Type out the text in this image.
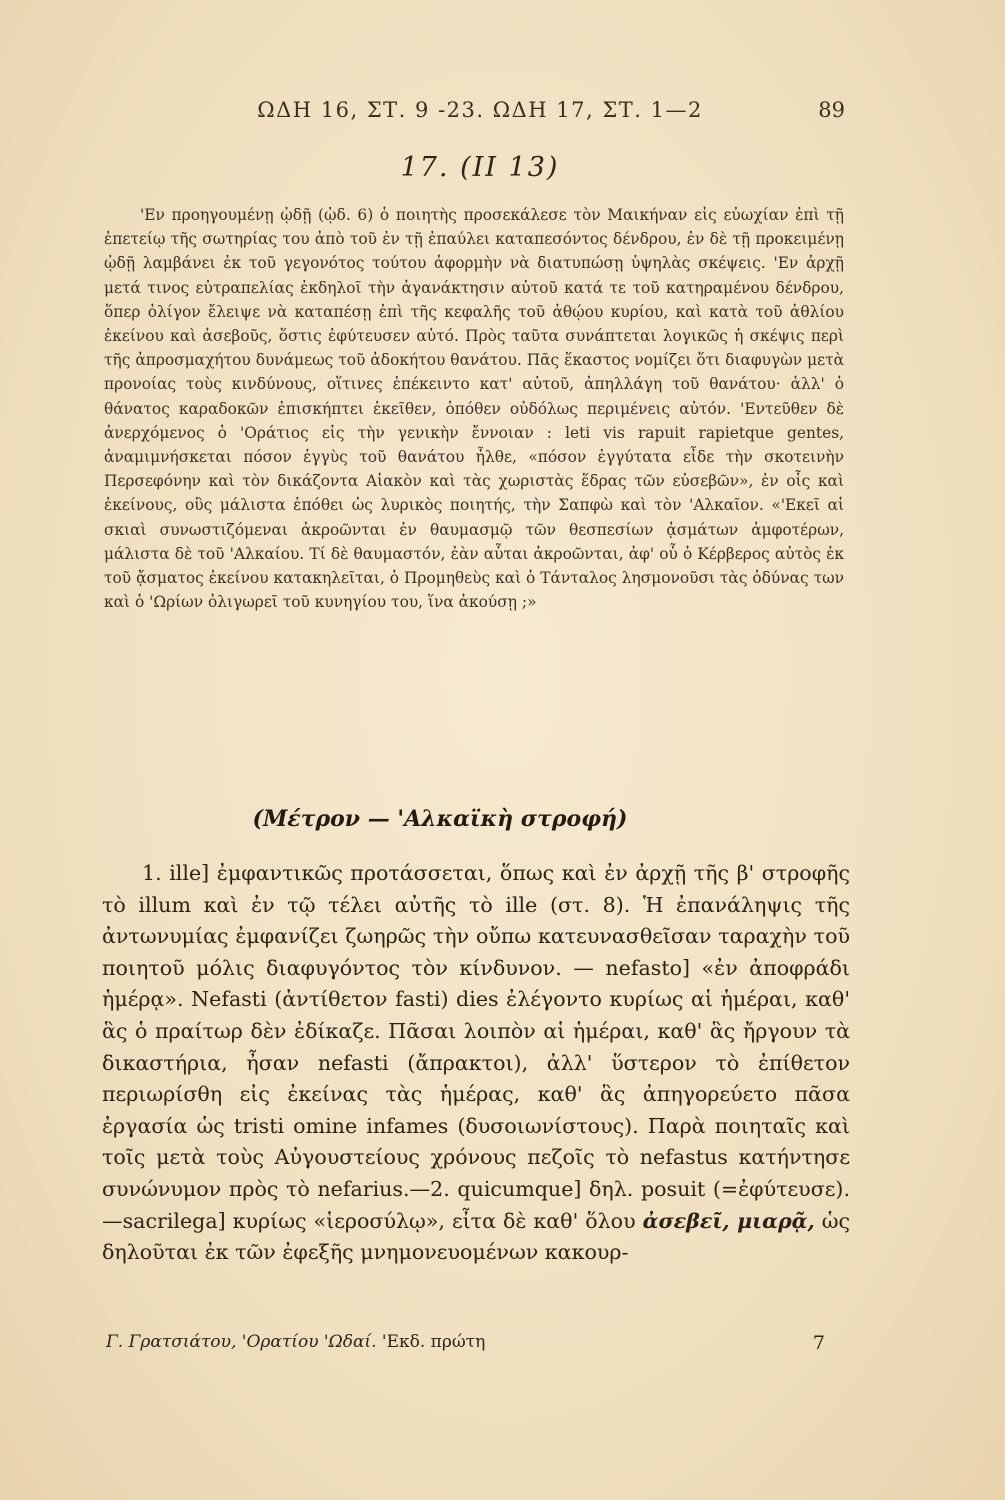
ΩΔΗ 16, ΣΤ. 9 -23. ΩΔΗ 17, ΣΤ. 1—2	89
17. (II 13)

'Εν προηγουμένῃ ᾠδῇ (ᾠδ. 6) ὁ ποιητὴς προσεκάλεσε τὸν Μαικήναν εἰς εὐωχίαν ἐπὶ τῇ ἐπετείῳ τῆς σωτηρίας του ἀπὸ τοῦ ἐν τῇ ἐπαύλει καταπεσόντος δένδρου, ἐν δὲ τῇ προκειμένῃ ᾠδῇ λαμβάνει ἐκ τοῦ γεγονότος τούτου ἀφορμὴν νὰ διατυπώσῃ ὑψηλὰς σκέψεις. 'Εν ἀρχῇ μετά τινος εὐτραπελίας ἐκδηλοῖ τὴν ἀγανάκτησιν αὐτοῦ κατά τε τοῦ κατηραμένου δένδρου, ὅπερ ὀλίγον ἔλειψε νὰ καταπέσῃ ἐπὶ τῆς κεφαλῆς τοῦ ἀθῴου κυρίου, καὶ κατὰ τοῦ ἀθλίου ἐκείνου καὶ ἀσεβοῦς, ὅστις ἐφύτευσεν αὐτό. Πρὸς ταῦτα συνάπτεται λογικῶς ἡ σκέψις περὶ τῆς ἀπροσμαχήτου δυνάμεως τοῦ ἀδοκήτου θανάτου. Πᾶς ἕκαστος νομίζει ὅτι διαφυγὼν μετὰ προνοίας τοὺς κινδύνους, οἵτινες ἐπέκειντο κατ' αὐτοῦ, ἀπηλλάγη τοῦ θανάτου· ἀλλ' ὁ θάνατος καραδοκῶν ἐπισκήπτει ἐκεῖθεν, ὁπόθεν οὐδόλως περιμένεις αὐτόν. 'Εντεῦθεν δὲ ἀνερχόμενος ὁ 'Οράτιος εἰς τὴν γενικὴν ἔννοιαν : leti vis rapuit rapietque gentes, ἀναμιμνήσκεται πόσον ἐγγὺς τοῦ θανάτου ἦλθε, «πόσον ἐγγύτατα εἶδε τὴν σκοτεινὴν Περσεφόνην καὶ τὸν δικάζοντα Αἰακὸν καὶ τὰς χωριστὰς ἕδρας τῶν εὐσεβῶν», ἐν οἷς καὶ ἐκείνους, οὓς μάλιστα ἐπόθει ὡς λυρικὸς ποιητής, τὴν Σαπφὼ καὶ τὸν 'Αλκαῖον. «'Εκεῖ αἱ σκιαὶ συνωστιζόμεναι ἀκροῶνται ἐν θαυμασμῷ τῶν θεσπεσίων ᾀσμάτων ἀμφοτέρων, μάλιστα δὲ τοῦ 'Αλκαίου. Τί δὲ θαυμαστόν, ἐὰν αὗται ἀκροῶνται, ἀφ' οὗ ὁ Κέρβερος αὐτὸς ἐκ τοῦ ᾄσματος ἐκείνου κατακηλεῖται, ὁ Προμηθεὺς καὶ ὁ Τάνταλος λησμονοῦσι τὰς ὀδύνας των καὶ ὁ 'Ωρίων ὀλιγωρεῖ τοῦ κυνηγίου του, ἵνα ἀκούσῃ ;»

(Μέτρον — 'Αλκαϊκὴ στροφή)

1. ille] ἐμφαντικῶς προτάσσεται, ὅπως καὶ ἐν ἀρχῇ τῆς β' στροφῆς τὸ illum καὶ ἐν τῷ τέλει αὐτῆς τὸ ille (στ. 8). Ἡ ἐπανάληψις τῆς ἀντωνυμίας ἐμφανίζει ζωηρῶς τὴν οὔπω κατευνασθεῖσαν ταραχὴν τοῦ ποιητοῦ μόλις διαφυγόντος τὸν κίνδυνον. — nefasto] «ἐν ἀποφράδι ἡμέρᾳ». Nefasti (ἀντίθετον fasti) dies ἐλέγοντο κυρίως αἱ ἡμέραι, καθ' ἃς ὁ πραίτωρ δὲν ἐδίκαζε. Πᾶσαι λοιπὸν αἱ ἡμέραι, καθ' ἃς ἤργουν τὰ δικαστήρια, ἦσαν nefasti (ἄπρακτοι), ἀλλ' ὕστερον τὸ ἐπίθετον περιωρίσθη εἰς ἐκείνας τὰς ἡμέρας, καθ' ἃς ἀπηγορεύετο πᾶσα ἐργασία ὡς tristi omine infames (δυσοιωνίστους). Παρὰ ποιηταῖς καὶ τοῖς μετὰ τοὺς Αὐγουστείους χρόνους πεζοῖς τὸ nefastus κατήντησε συνώνυμον πρὸς τὸ nefarius.—2. quicumque] δηλ. posuit (=ἐφύτευσε).—sacrilega] κυρίως «ἱεροσύλῳ», εἶτα δὲ καθ' ὅλου ἀσεβεῖ, μιαρᾷ, ὡς δηλοῦται ἐκ τῶν ἐφεξῆς μνημονευομένων κακουρ-

Γ. Γρατσιάτου, 'Ορατίου 'Ωδαί. 'Εκδ. πρώτη	7
